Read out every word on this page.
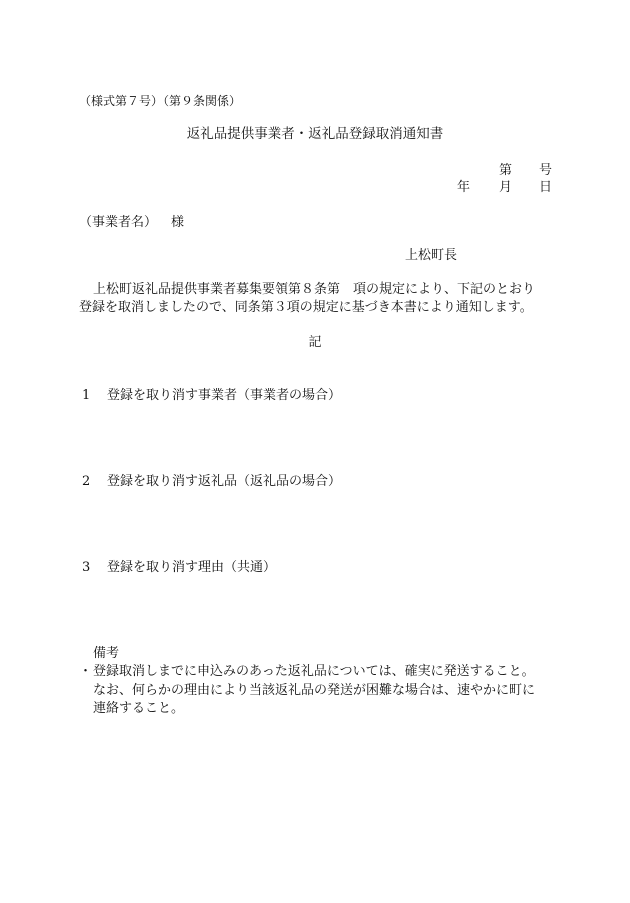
（様式第７号）（第９条関係）
返礼品提供事業者・返礼品登録取消通知書
第 号
年 月 日
（事業者名） 様
上松町長
上松町返礼品提供事業者募集要領第８条第　項の規定により、下記のとおり
登録を取消しましたので、同条第３項の規定に基づき本書により通知します。
記
1 登録を取り消す事業者（事業者の場合）
2 登録を取り消す返礼品（返礼品の場合）
3 登録を取り消す理由（共通）
備考
・ 登録取消しまでに申込みのあった返礼品については、確実に発送すること。
なお、何らかの理由により当該返礼品の発送が困難な場合は、速やかに町に
連絡すること。
